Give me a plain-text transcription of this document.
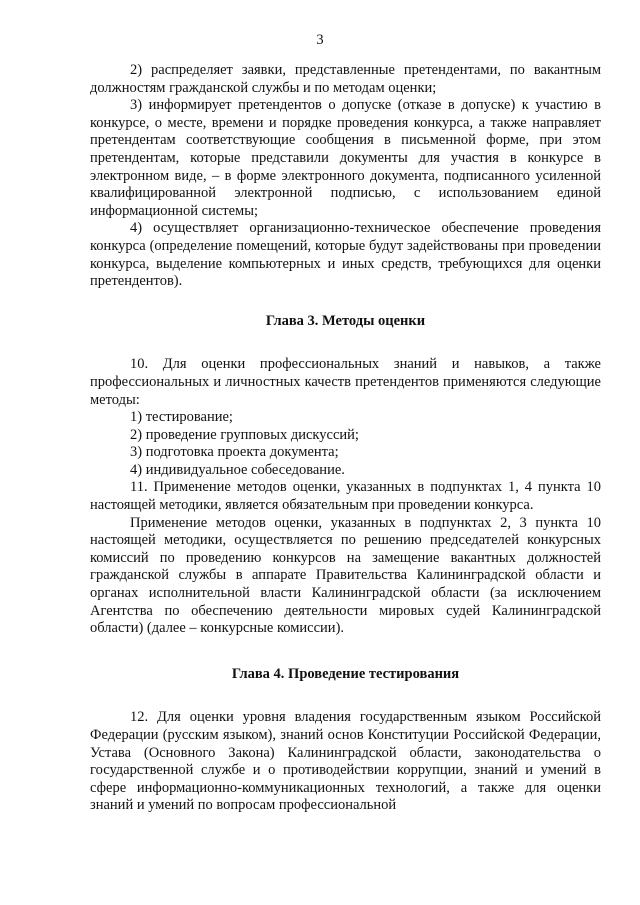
3

2) распределяет заявки, представленные претендентами, по вакантным должностям гражданской службы и по методам оценки;

3) информирует претендентов о допуске (отказе в допуске) к участию в конкурсе, о месте, времени и порядке проведения конкурса, а также направляет претендентам соответствующие сообщения в письменной форме, при этом претендентам, которые представили документы для участия в конкурсе в электронном виде, – в форме электронного документа, подписанного усиленной квалифицированной электронной подписью, с использованием единой информационной системы;

4) осуществляет организационно-техническое обеспечение проведения конкурса (определение помещений, которые будут задействованы при проведении конкурса, выделение компьютерных и иных средств, требующихся для оценки претендентов).

Глава 3. Методы оценки

10. Для оценки профессиональных знаний и навыков, а также профессиональных и личностных качеств претендентов применяются следующие методы:

1) тестирование;

2) проведение групповых дискуссий;

3) подготовка проекта документа;

4) индивидуальное собеседование.

11. Применение методов оценки, указанных в подпунктах 1, 4 пункта 10 настоящей методики, является обязательным при проведении конкурса.

Применение методов оценки, указанных в подпунктах 2, 3 пункта 10 настоящей методики, осуществляется по решению председателей конкурсных комиссий по проведению конкурсов на замещение вакантных должностей гражданской службы в аппарате Правительства Калининградской области и органах исполнительной власти Калининградской области (за исключением Агентства по обеспечению деятельности мировых судей Калининградской области) (далее – конкурсные комиссии).

Глава 4. Проведение тестирования

12. Для оценки уровня владения государственным языком Российской Федерации (русским языком), знаний основ Конституции Российской Федерации, Устава (Основного Закона) Калининградской области, законодательства о государственной службе и о противодействии коррупции, знаний и умений в сфере информационно-коммуникационных технологий, а также для оценки знаний и умений по вопросам профессиональной
